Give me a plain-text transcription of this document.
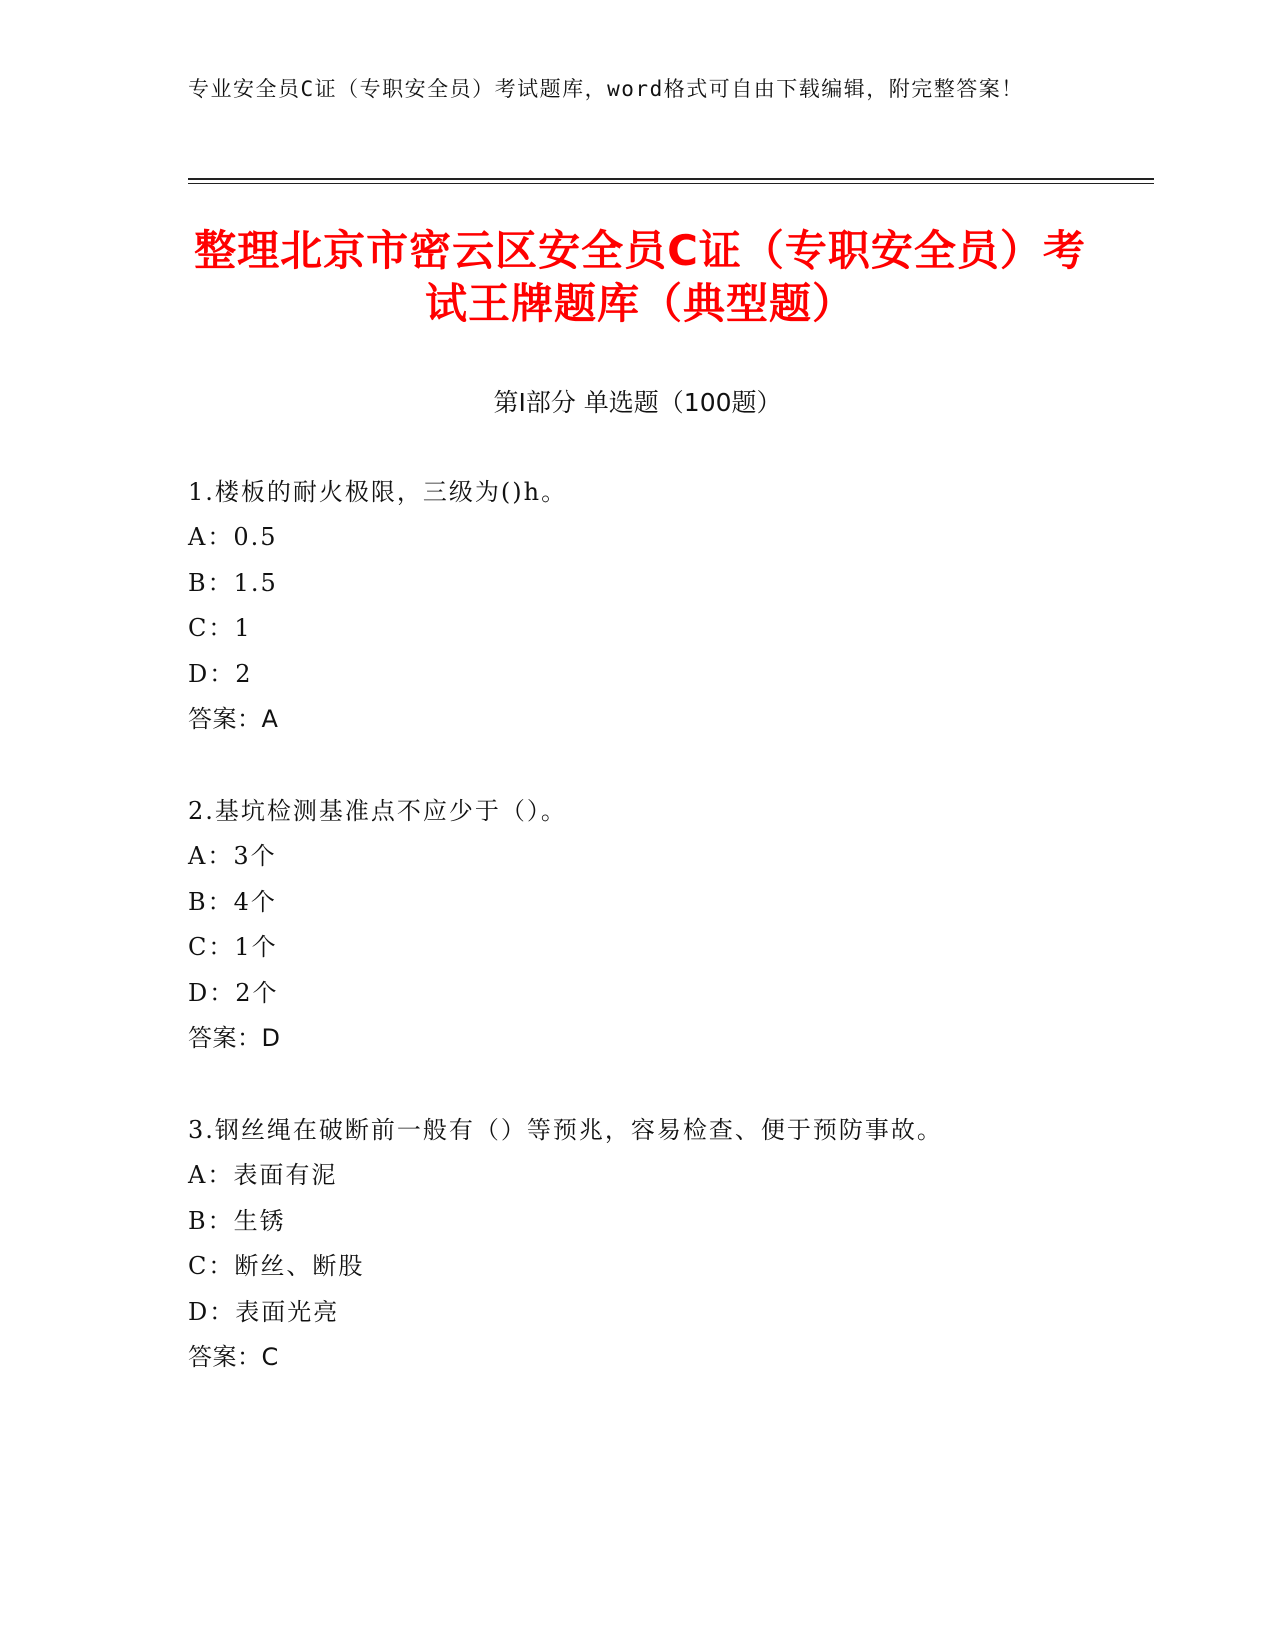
专业安全员C证（专职安全员）考试题库，word格式可自由下载编辑，附完整答案！
整理北京市密云区安全员C证（专职安全员）考试王牌题库（典型题）
第Ⅰ部分 单选题（100题）
1.楼板的耐火极限，三级为()h。
A：0.5
B：1.5
C：1
D：2
答案：A
2.基坑检测基准点不应少于（）。
A：3个
B：4个
C：1个
D：2个
答案：D
3.钢丝绳在破断前一般有（）等预兆，容易检查、便于预防事故。
A：表面有泥
B：生锈
C：断丝、断股
D：表面光亮
答案：C
